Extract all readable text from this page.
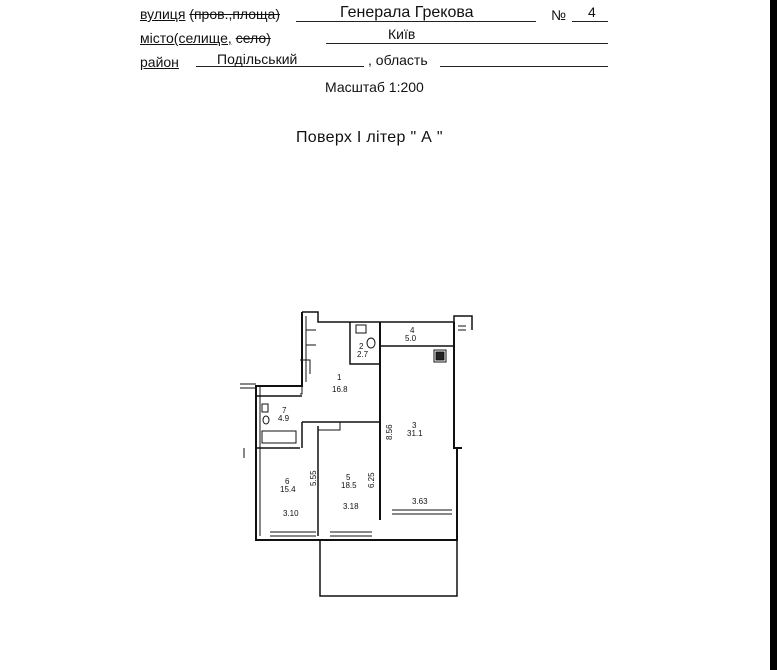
вулиця (пров.,площа)	Генерала Грекова	№ 4
місто(селище, село)	Київ
район	Подільський	, область
Масштаб 1:200
Поверх І літер " А "
1
16.8
2
2.7
3
31.1
4
5.0
5
18.5
6
15.4
7
4.9
8.56
6.25
5.55
3.10
3.18
3.63
